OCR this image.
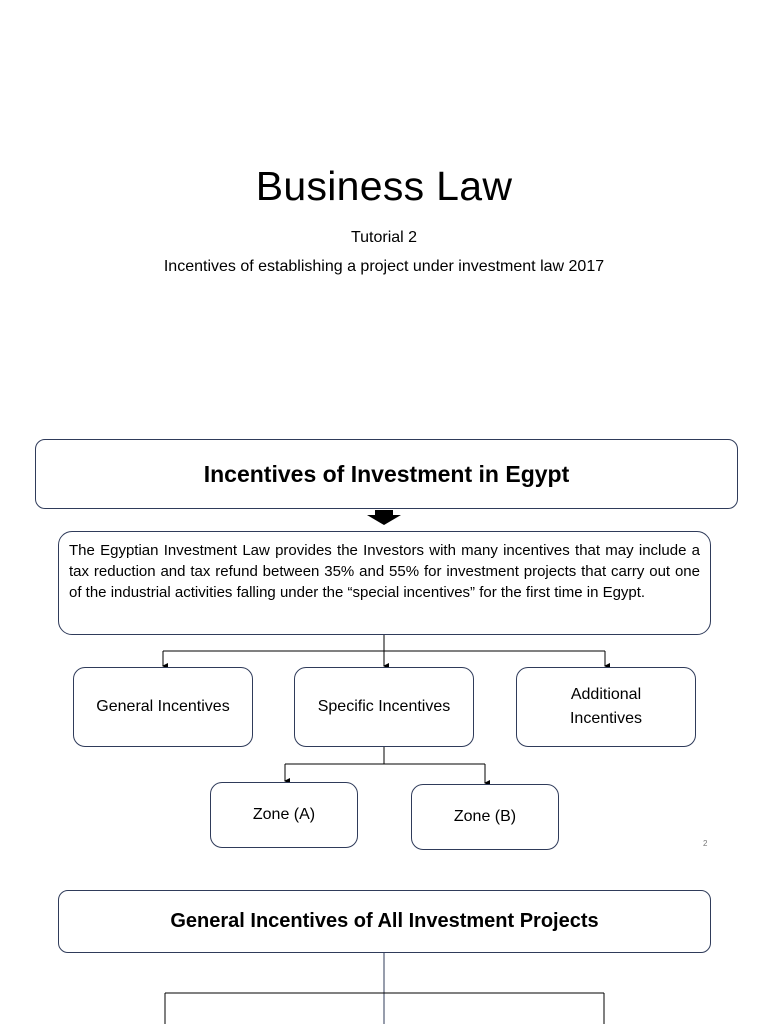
Business Law
Tutorial 2
Incentives of establishing a project under investment law 2017
Incentives of Investment in Egypt
The Egyptian Investment Law provides the Investors with many incentives that may include a tax reduction and tax refund between 35% and 55% for investment projects that carry out one of the industrial activities falling under the “special incentives” for the first time in Egypt.
General Incentives	Specific Incentives
Additional Incentives
Zone (A)	Zone (B)
2
General Incentives of All Investment Projects
